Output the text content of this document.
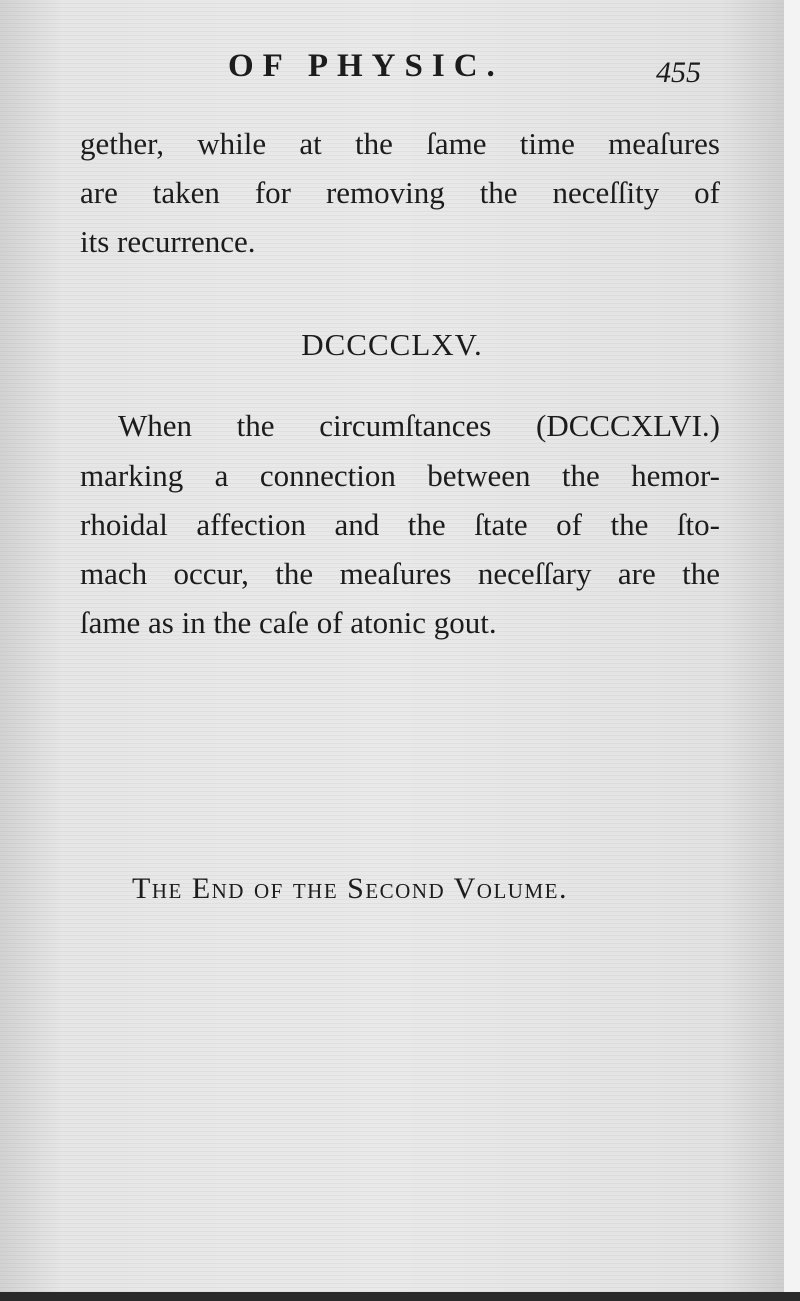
OF PHYSIC.	455
gether, while at the ſame time meaſures
are taken for removing the neceſſity of
its recurrence.
DCCCCLXV.
When the circumſtances (DCCCXLVI.)
marking a connection between the hemor-
rhoidal affection and the ſtate of the ſto-
mach occur, the meaſures neceſſary are the
ſame as in the caſe of atonic gout.
The End of the Second Volume.
